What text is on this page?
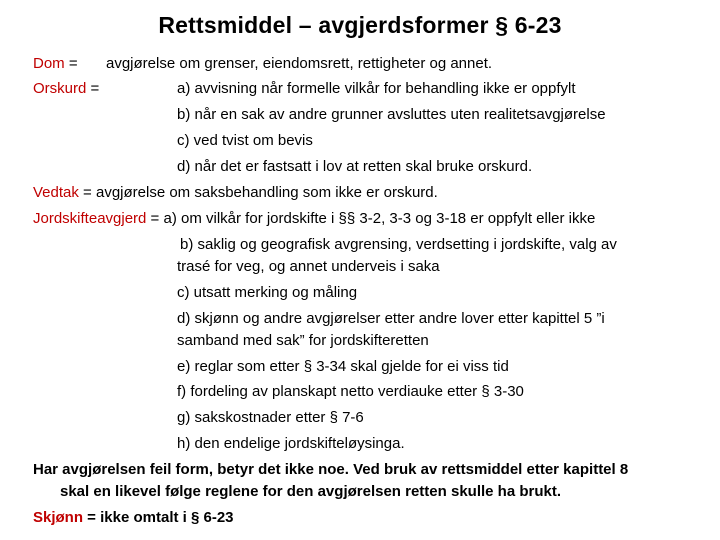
Rettsmiddel – avgjerdsformer § 6-23
Dom = avgjørelse om grenser, eiendomsrett, rettigheter og annet.
Orskurd =	a) avvisning når formelle vilkår for behandling ikke er oppfylt
b) når en sak av andre grunner avsluttes uten realitetsavgjørelse
c) ved tvist om bevis
d) når det er fastsatt i lov at retten skal bruke orskurd.
Vedtak = avgjørelse om saksbehandling som ikke er orskurd.
Jordskifteavgjerd = a) om vilkår for jordskifte i §§ 3-2, 3-3 og 3-18 er oppfylt eller ikke
b) saklig og geografisk avgrensing, verdsetting i jordskifte, valg av
trasé for veg, og annet underveis i saka
c) utsatt merking og måling
d) skjønn og andre avgjørelser etter andre lover etter kapittel 5 ”i
samband med sak” for jordskifteretten
e) reglar som etter § 3-34 skal gjelde for ei viss tid
f) fordeling av planskapt netto verdiauke etter § 3-30
g) sakskostnader etter § 7-6
h) den endelige jordskifteløysinga.
Har avgjørelsen feil form, betyr det ikke noe. Ved bruk av rettsmiddel etter kapittel 8
skal en likevel følge reglene for den avgjørelsen retten skulle ha brukt.
Skjønn = ikke omtalt i § 6-23
